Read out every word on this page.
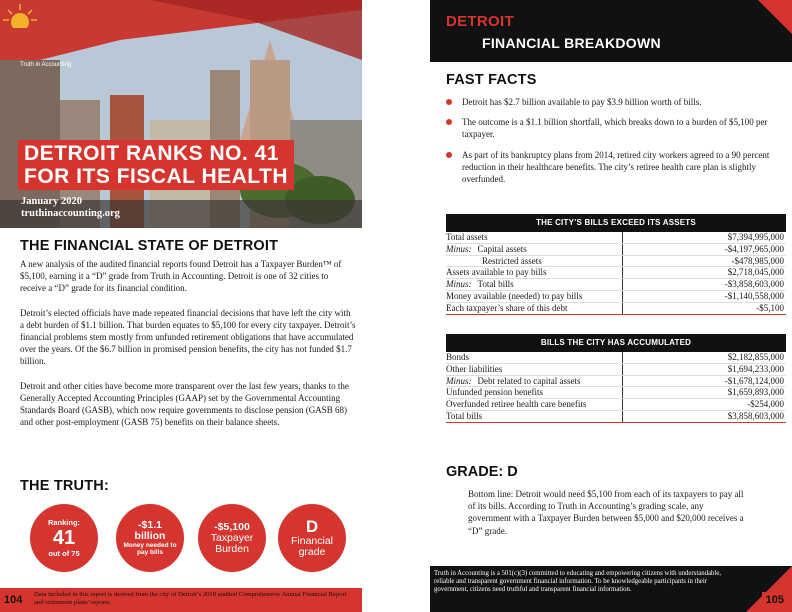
Truth in Accounting
DETROIT RANKS NO. 41
FOR ITS FISCAL HEALTH
January 2020
truthinaccounting.org
THE FINANCIAL STATE OF DETROIT

A new analysis of the audited financial reports found Detroit has a Taxpayer Burden™ of $5,100, earning it a “D” grade from Truth in Accounting. Detroit is one of 32 cities to receive a “D” grade for its financial condition.

Detroit’s elected officials have made repeated financial decisions that have left the city with a debt burden of $1.1 billion. That burden equates to $5,100 for every city taxpayer. Detroit’s financial problems stem mostly from unfunded retirement obligations that have accumulated over the years. Of the $6.7 billion in promised pension benefits, the city has not funded $1.7 billion.

Detroit and other cities have become more transparent over the last few years, thanks to the Generally Accepted Accounting Principles (GAAP) set by the Governmental Accounting Standards Board (GASB), which now require governments to disclose pension (GASB 68) and other post-employment (GASB 75) benefits on their balance sheets.

THE TRUTH:
Ranking:
41
out of 75
-$1.1
billion
Money needed to pay bills
-$5,100
Taxpayer
Burden
D
Financial
grade
104 Data included in this report is derived from the city of Detroit’s 2018 audited Comprehensive Annual Financial Report and retirement plans’ reports.
DETROIT
FINANCIAL BREAKDOWN
FAST FACTS
Detroit has $2.7 billion available to pay $3.9 billion worth of bills.
The outcome is a $1.1 billion shortfall, which breaks down to a burden of $5,100 per taxpayer.
As part of its bankruptcy plans from 2014, retired city workers agreed to a 90 percent reduction in their healthcare benefits. The city’s retiree health care plan is slightly overfunded.
THE CITY’S BILLS EXCEED ITS ASSETS
Total assets	$7,394,995,000
Minus: Capital assets	-$4,197,965,000
Restricted assets	-$478,985,000
Assets available to pay bills	$2,718,045,000
Minus: Total bills	-$3,858,603,000
Money available (needed) to pay bills	-$1,140,558,000
Each taxpayer’s share of this debt	-$5,100
BILLS THE CITY HAS ACCUMULATED
Bonds	$2,182,855,000
Other liabilities	$1,694,233,000
Minus: Debt related to capital assets	-$1,678,124,000
Unfunded pension benefits	$1,659,893,000
Overfunded retiree health care benefits	-$254,000
Total bills	$3,858,603,000
GRADE: D
Bottom line: Detroit would need $5,100 from each of its taxpayers to pay all of its bills. According to Truth in Accounting’s grading scale, any government with a Taxpayer Burden between $5,000 and $20,000 receives a “D” grade.
Truth in Accounting is a 501(c)(3) committed to educating and empowering citizens with understandable, reliable and transparent government financial information. To be knowledgeable participants in their government, citizens need truthful and transparent financial information.
105
